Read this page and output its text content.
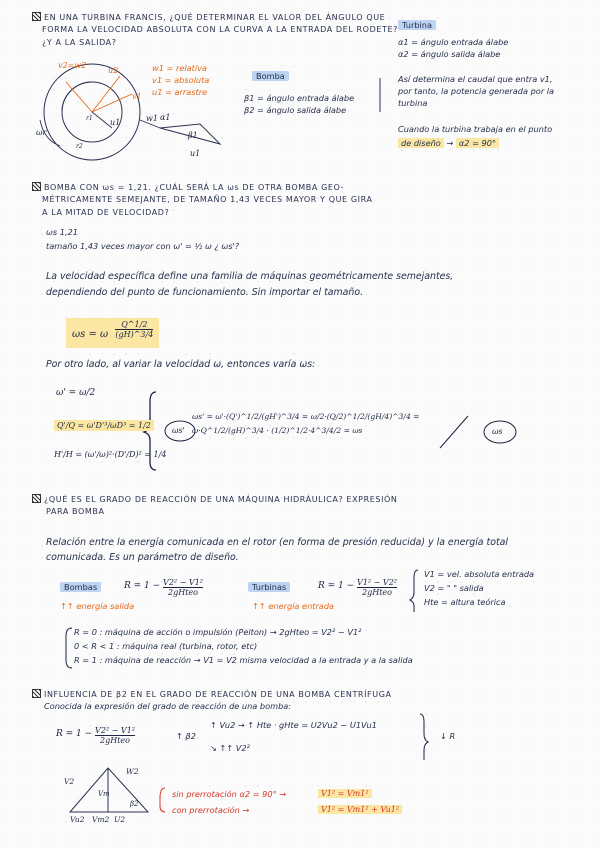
EN UNA TURBINA FRANCIS, ¿QUÉ DETERMINAR EL VALOR DEL ÁNGULO QUE
FORMA LA VELOCIDAD ABSOLUTA CON LA CURVA A LA ENTRADA DEL RODETE?
¿Y A LA SALIDA?
v2=w2
u2
v1
ωr
u1
α1
β1
w1
u1
r1
r2
w1 = relativa
v1 = absoluta
u1 = arrastre
Bomba
β1 = ángulo entrada álabe
β2 = ángulo salida álabe
Turbina
α1 = ángulo entrada álabe
α2 = ángulo salida álabe
Así determina el caudal que entra v1,
por tanto, la potencia generada por la
turbina
Cuando la turbina trabaja en el punto
de diseño → α2 = 90°
BOMBA CON ωs = 1,21. ¿CUÁL SERÁ LA ωs DE OTRA BOMBA GEO-
MÉTRICAMENTE SEMEJANTE, DE TAMAÑO 1,43 VECES MAYOR Y QUE GIRA
A LA MITAD DE VELOCIDAD?
ωs 1,21
tamaño 1,43 veces mayor con ω' = ½ ω ¿ ωs'?
La velocidad específica define una familia de máquinas geométricamente semejantes,
dependiendo del punto de funcionamiento. Sin importar el tamaño.
ωs = ω $\frac{Q\^{}1/2}{(gH)\^{}3/4}$
Por otro lado, al variar la velocidad ω, entonces varía ωs:
ω' = ω/2
Q'/Q = ω'D'³/ωD³ = 1/2
H'/H = (ω'/ω)²·(D'/D)² = 1/4
ωs'
ωs' = ω'·(Q')^1/2/(gH')^3/4 = ω/2·(Q/2)^1/2/(gH/4)^3/4 = ω·Q^1/2/(gH)^3/4 · (1/2)^1/2·4^3/4/2 = ωs	ωs
¿QUÉ ES EL GRADO DE REACCIÓN DE UNA MÁQUINA HIDRÁULICA? EXPRESIÓN
PARA BOMBA
Relación entre la energía comunicada en el rotor (en forma de presión reducida) y la energía total
comunicada. Es un parámetro de diseño.
Bombas	R = 1 − V2² − V1²
2gHteo
↑↑ energía salida
Turbinas	R = 1 − V1² − V2²
2gHteo
↑↑ energía entrada
V1 = vel. absoluta entrada
V2 = " " salida
Hte = altura teórica
R = 0 : máquina de acción o impulsión (Pelton) → 2gHteo = V2² − V1²
0 < R < 1 : máquina real (turbina, rotor, etc)
R = 1 : máquina de reacción → V1 = V2 misma velocidad a la entrada y a la salida
INFLUENCIA DE β2 EN EL GRADO DE REACCIÓN DE UNA BOMBA CENTRÍFUGA
Conocida la expresión del grado de reacción de una bomba:
R = 1 − V2² − V1²
2gHteo	↑ β2
↑ Vu2 → ↑ Hte · gHte = U2Vu2 − U1Vu1
↘ ↑↑ V2²
↓ R
V2
W2
Vm
β2
Vu2 Vm2 U2
sin prerrotación α2 = 90° →	V1² = Vm1²
con prerrotación →	V1² = Vm1² + Vu1²
